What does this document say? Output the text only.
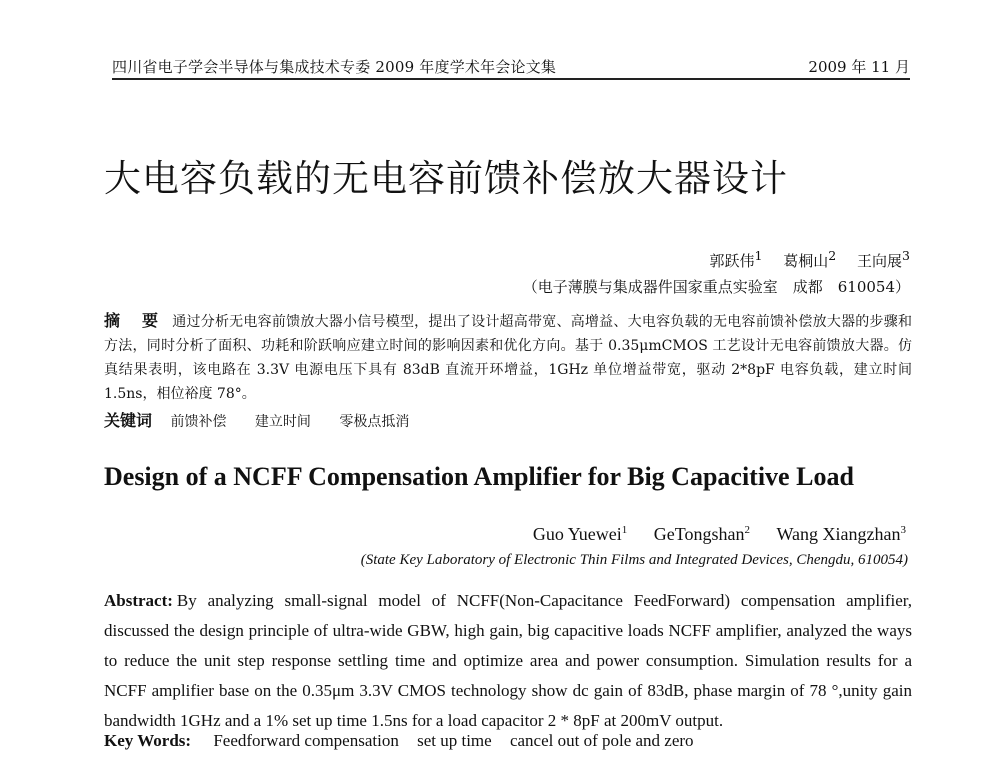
四川省电子学会半导体与集成技术专委 2009 年度学术年会论文集	2009 年 11 月
大电容负载的无电容前馈补偿放大器设计
郭跃伟$^1$ 葛桐山$^2$ 王向展$^3$
（电子薄膜与集成器件国家重点实验室　成都　610054）
摘 要 通过分析无电容前馈放大器小信号模型，提出了设计超高带宽、高增益、大电容负载的无电容前馈补偿放大器的步骤和方法，同时分析了面积、功耗和阶跃响应建立时间的影响因素和优化方向。基于 0.35μmCMOS 工艺设计无电容前馈放大器。仿真结果表明，该电路在 3.3V 电源电压下具有 83dB 直流开环增益，1GHz 单位增益带宽，驱动 2*8pF 电容负载，建立时间 1.5ns，相位裕度 78°。
关键词 前馈补偿 建立时间 零极点抵消
Design of a NCFF Compensation Amplifier for Big Capacitive Load
Guo Yuewei$^1$ GeTongshan$^2$ Wang Xiangzhan$^3$
(State Key Laboratory of Electronic Thin Films and Integrated Devices, Chengdu, 610054)
Abstract: By analyzing small-signal model of NCFF(Non-Capacitance FeedForward) compensation amplifier, discussed the design principle of ultra-wide GBW, high gain, big capacitive loads NCFF amplifier, analyzed the ways to reduce the unit step response settling time and optimize area and power consumption. Simulation results for a NCFF amplifier base on the 0.35μm 3.3V CMOS technology show dc gain of 83dB, phase margin of 78 °,unity gain bandwidth 1GHz and a 1% set up time 1.5ns for a load capacitor 2 * 8pF at 200mV output.
Key Words: Feedforward compensation set up time cancel out of pole and zero
